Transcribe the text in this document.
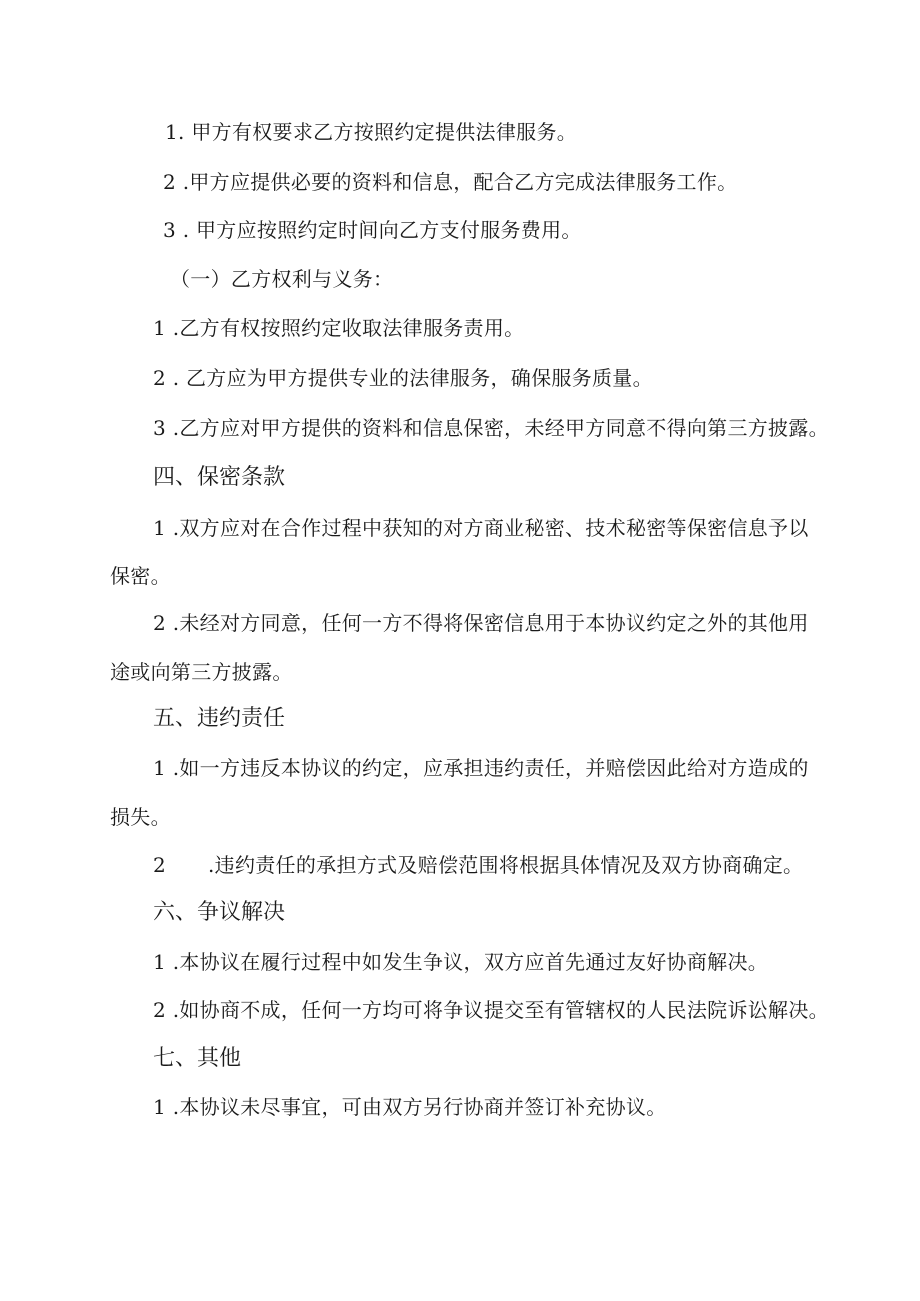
1. 甲方有权要求乙方按照约定提供法律服务。
2 .甲方应提供必要的资料和信息，配合乙方完成法律服务工作。
3 . 甲方应按照约定时间向乙方支付服务费用。
（一）乙方权利与义务：
1 .乙方有权按照约定收取法律服务责用。
2 . 乙方应为甲方提供专业的法律服务，确保服务质量。
3 .乙方应对甲方提供的资料和信息保密，未经甲方同意不得向第三方披露。
四、保密条款
1 .双方应对在合作过程中获知的对方商业秘密、技术秘密等保密信息予以
保密。
2 .未经对方同意，任何一方不得将保密信息用于本协议约定之外的其他用
途或向第三方披露。
五、违约责任
1 .如一方违反本协议的约定，应承担违约责任，并赔偿因此给对方造成的
损失。
2 .违约责任的承担方式及赔偿范围将根据具体情况及双方协商确定。
六、争议解决
1 .本协议在履行过程中如发生争议，双方应首先通过友好协商解决。
2 .如协商不成，任何一方均可将争议提交至有管辖权的人民法院诉讼解决。
七、其他
1 .本协议未尽事宜，可由双方另行协商并签订补充协议。
